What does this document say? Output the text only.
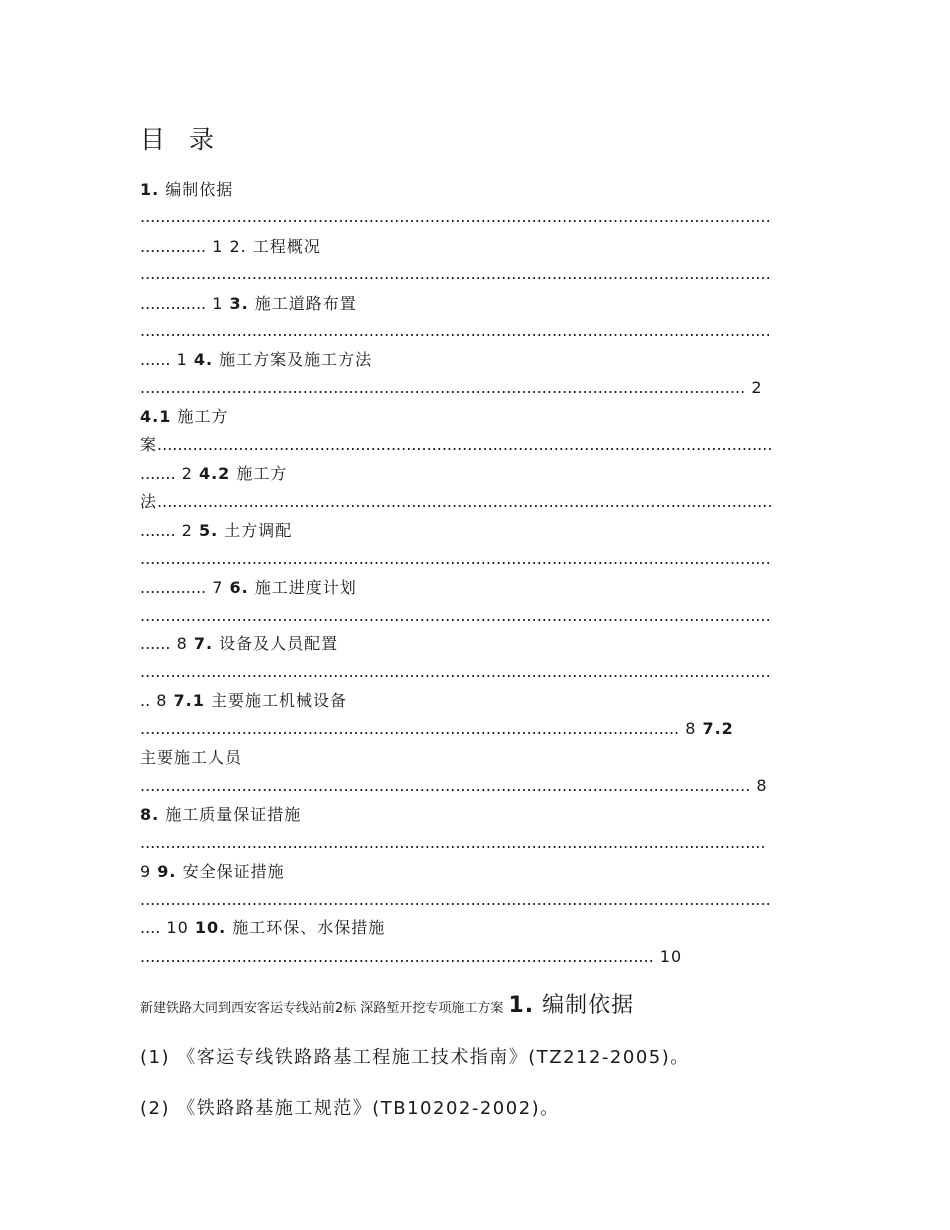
目 录
1. 编制依据
............................................................................................................................
............. 1 2. 工程概况
............................................................................................................................
............. 1 3. 施工道路布置
............................................................................................................................
...... 1 4. 施工方案及施工方法
....................................................................................................................... 2
4.1 施工方
案.........................................................................................................................
....... 2 4.2 施工方
法.........................................................................................................................
....... 2 5. 土方调配
............................................................................................................................
............. 7 6. 施工进度计划
............................................................................................................................
...... 8 7. 设备及人员配置
............................................................................................................................
.. 8 7.1 主要施工机械设备
.......................................................................................................... 8 7.2
主要施工人员
........................................................................................................................ 8
8. 施工质量保证措施
...........................................................................................................................
9 9. 安全保证措施
............................................................................................................................
.... 10 10. 施工环保、水保措施
..................................................................................................... 10
新建铁路大同到西安客运专线站前2标 深路堑开挖专项施工方案 1. 编制依据
(1) 《客运专线铁路路基工程施工技术指南》(TZ212-2005)。
(2) 《铁路路基施工规范》(TB10202-2002)。
